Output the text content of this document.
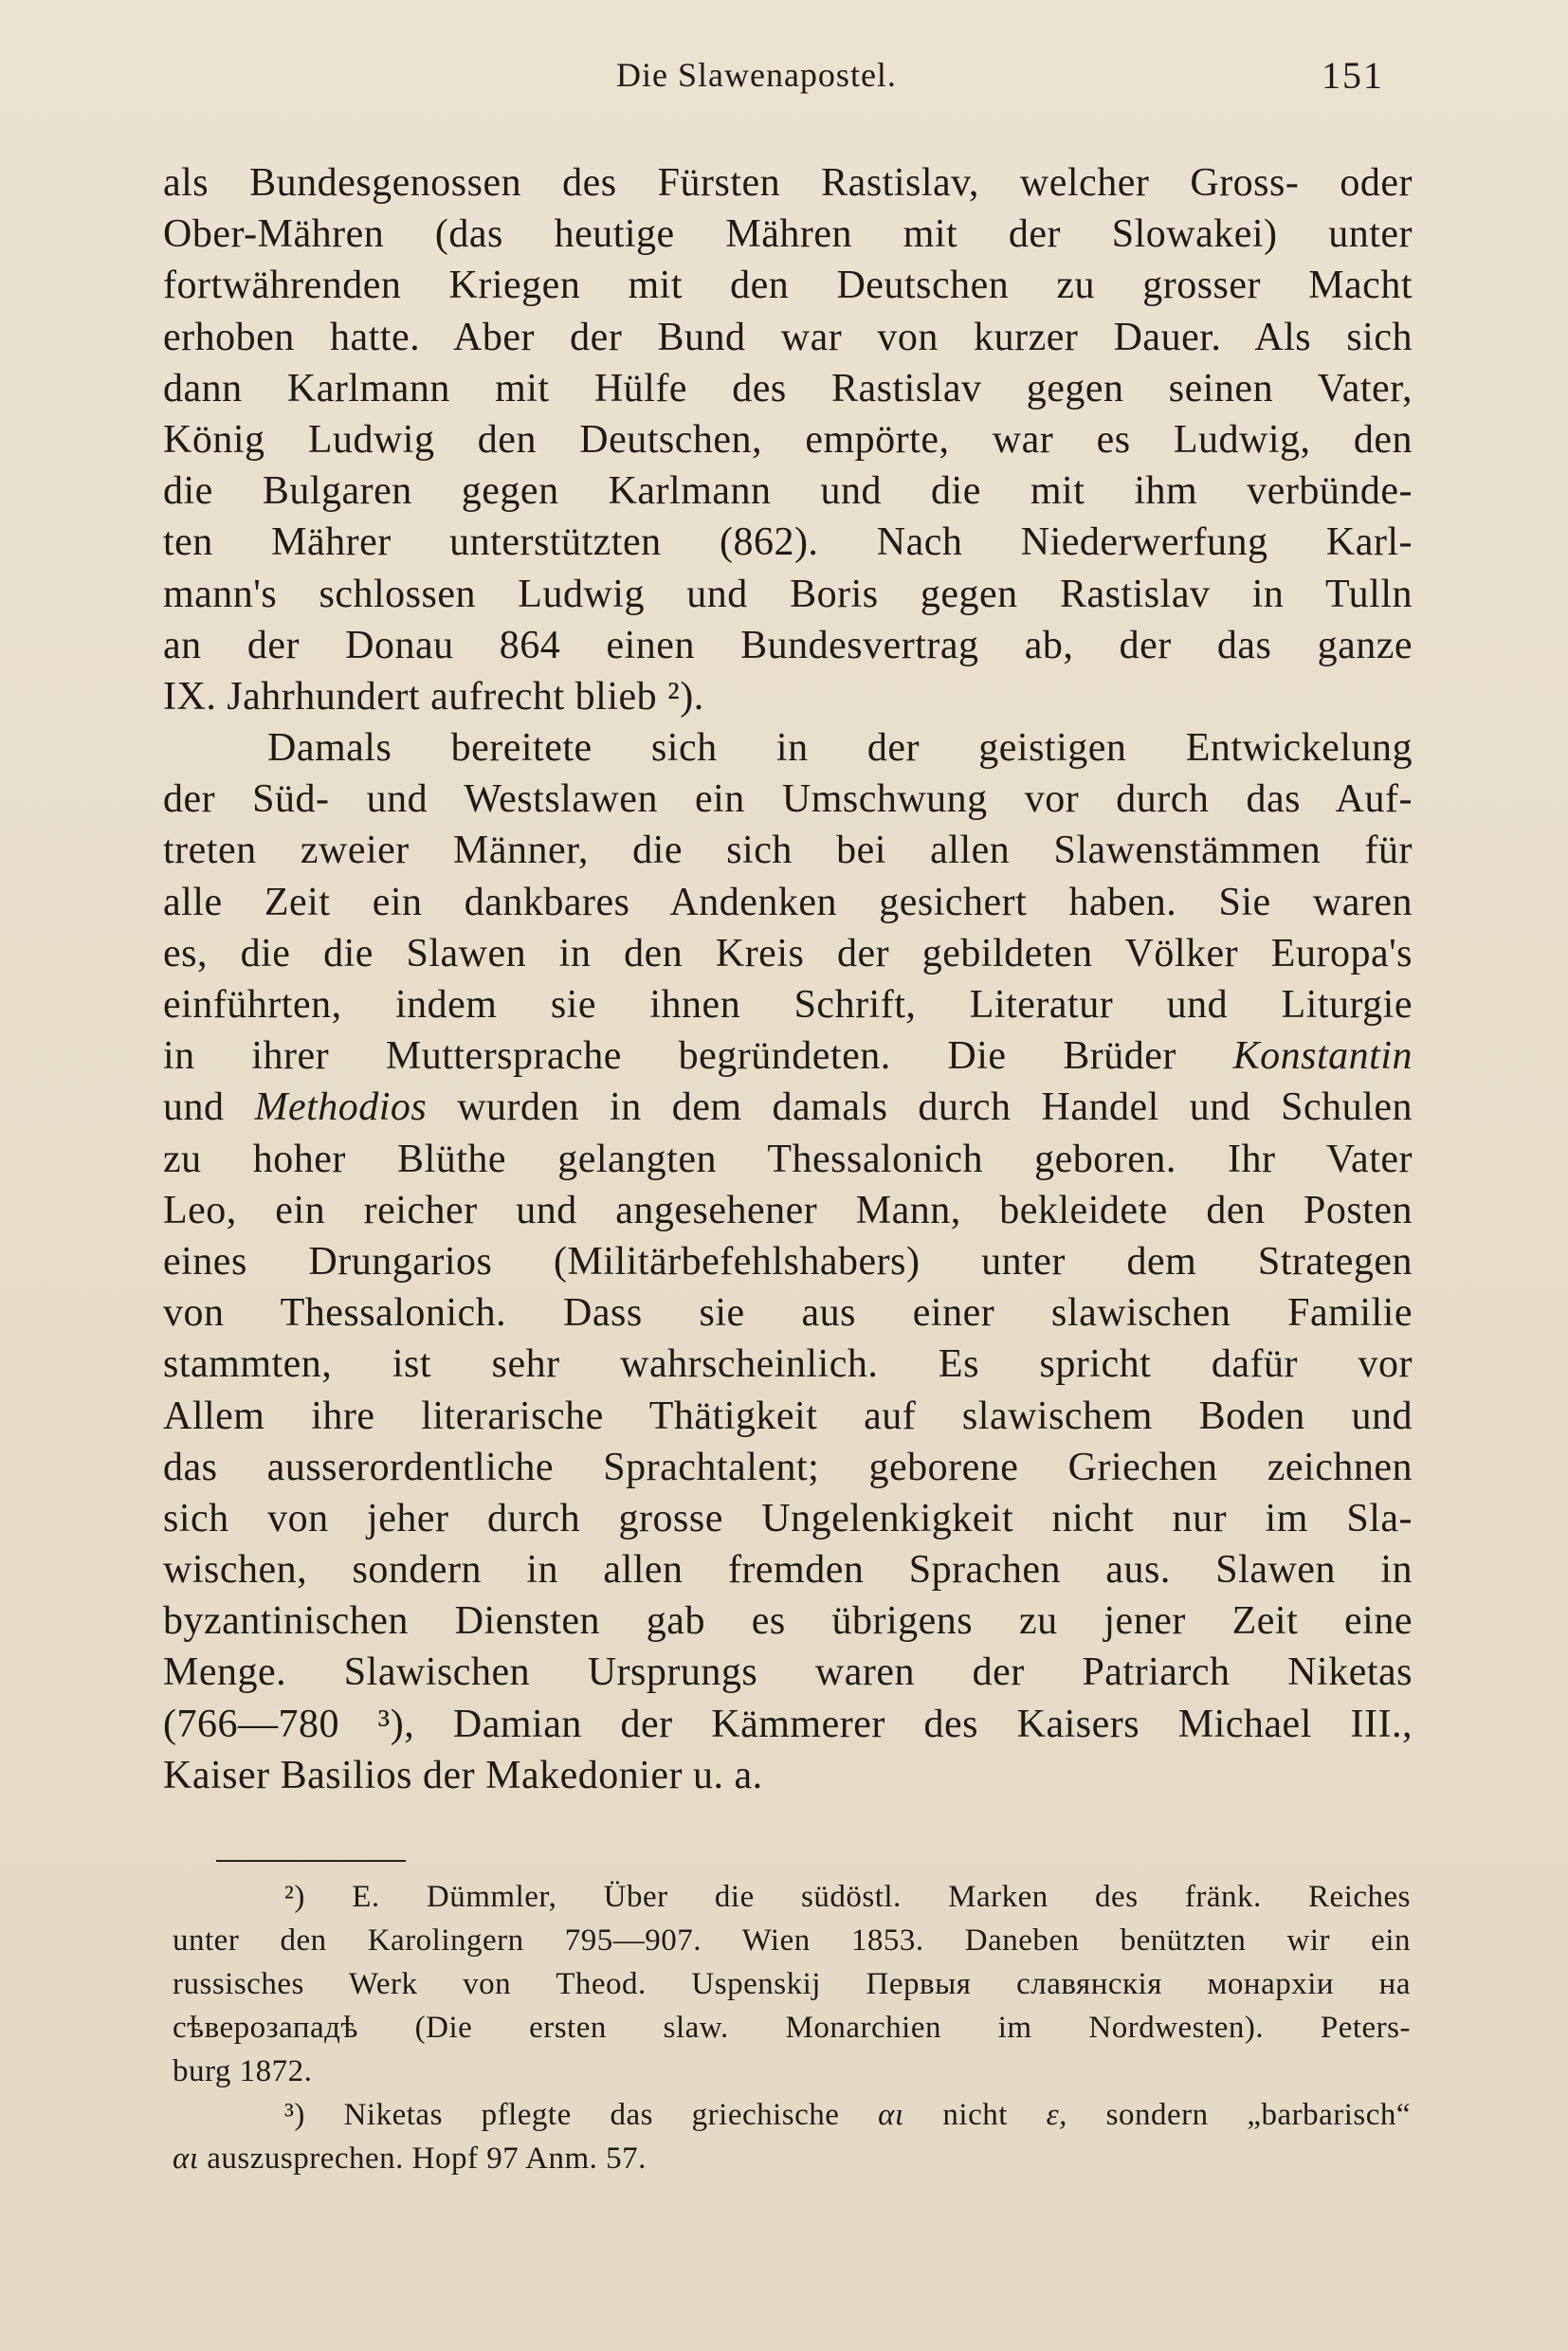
Die Slawenapostel.	151
als Bundesgenossen des Fürsten Rastislav, welcher Gross- oder
Ober-Mähren (das heutige Mähren mit der Slowakei) unter
fortwährenden Kriegen mit den Deutschen zu grosser Macht
erhoben hatte. Aber der Bund war von kurzer Dauer. Als sich
dann Karlmann mit Hülfe des Rastislav gegen seinen Vater,
König Ludwig den Deutschen, empörte, war es Ludwig, den
die Bulgaren gegen Karlmann und die mit ihm verbünde-
ten Mährer unterstützten (862). Nach Niederwerfung Karl-
mann's schlossen Ludwig und Boris gegen Rastislav in Tulln
an der Donau 864 einen Bundesvertrag ab, der das ganze
IX. Jahrhundert aufrecht blieb ²).
Damals bereitete sich in der geistigen Entwickelung
der Süd- und Westslawen ein Umschwung vor durch das Auf-
treten zweier Männer, die sich bei allen Slawenstämmen für
alle Zeit ein dankbares Andenken gesichert haben. Sie waren
es, die die Slawen in den Kreis der gebildeten Völker Europa's
einführten, indem sie ihnen Schrift, Literatur und Liturgie
in ihrer Muttersprache begründeten. Die Brüder Konstantin
und Methodios wurden in dem damals durch Handel und Schulen
zu hoher Blüthe gelangten Thessalonich geboren. Ihr Vater
Leo, ein reicher und angesehener Mann, bekleidete den Posten
eines Drungarios (Militärbefehlshabers) unter dem Strategen
von Thessalonich. Dass sie aus einer slawischen Familie
stammten, ist sehr wahrscheinlich. Es spricht dafür vor
Allem ihre literarische Thätigkeit auf slawischem Boden und
das ausserordentliche Sprachtalent; geborene Griechen zeichnen
sich von jeher durch grosse Ungelenkigkeit nicht nur im Sla-
wischen, sondern in allen fremden Sprachen aus. Slawen in
byzantinischen Diensten gab es übrigens zu jener Zeit eine
Menge. Slawischen Ursprungs waren der Patriarch Niketas
(766—780 ³), Damian der Kämmerer des Kaisers Michael III.,
Kaiser Basilios der Makedonier u. a.
²) E. Dümmler, Über die südöstl. Marken des fränk. Reiches
unter den Karolingern 795—907. Wien 1853. Daneben benützten wir ein
russisches Werk von Theod. Uspenskij Первыя славянскія монархіи на
сѣверозападѣ (Die ersten slaw. Monarchien im Nordwesten). Peters-
burg 1872.
³) Niketas pflegte das griechische αι nicht ε, sondern „barbarisch“
αι auszusprechen. Hopf 97 Anm. 57.
